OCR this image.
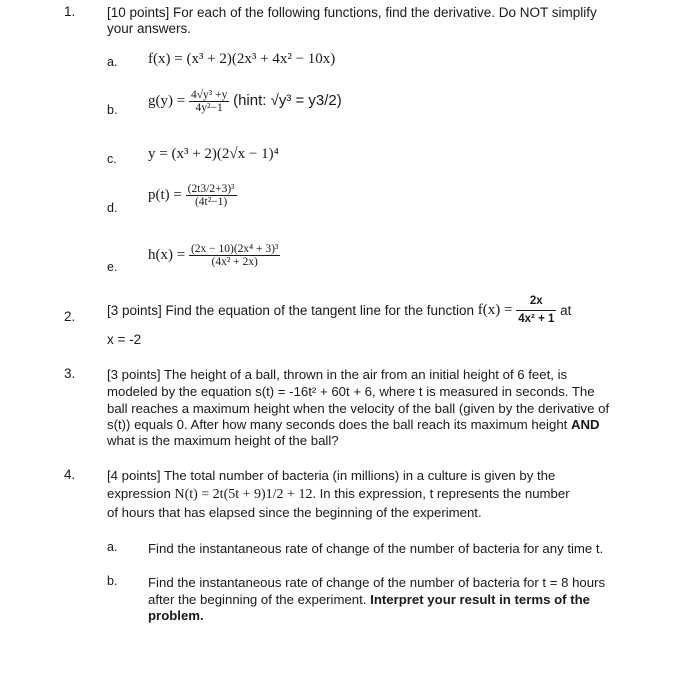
1. [10 points] For each of the following functions, find the derivative. Do NOT simplify
your answers.
a. f(x) = (x³ + 2)(2x³ + 4x² − 10x)
b.
$g(y) = \frac{\text{4√y³ +y}}{\text{4y²−1}}$ (hint: √y³ = y3/2)
c. y = (x³ + 2)(2√x − 1)⁴
d.
$p(t) = \frac{\text{(2t3/2+3)³}}{\text{(4t²−1)}}$
e.
$h(x) = \frac{\text{(2x − 10)(2x⁴ + 3)³}}{\text{(4x² + 2x)}}$
2. [3 points] Find the equation of the tangent line for the function $f(x) = \frac{2x}{\text{4x² + 1}}$ at
x = -2
3. [3 points] The height of a ball, thrown in the air from an initial height of 6 feet, is
modeled by the equation s(t) = -16t² + 60t + 6, where t is measured in seconds. The
ball reaches a maximum height when the velocity of the ball (given by the derivative of
s(t)) equals 0. After how many seconds does the ball reach its maximum height AND
what is the maximum height of the ball?
4. [4 points] The total number of bacteria (in millions) in a culture is given by the
expression N(t) = 2t(5t + 9)1/2 + 12. In this expression, t represents the number
of hours that has elapsed since the beginning of the experiment.
a. Find the instantaneous rate of change of the number of bacteria for any time t.
b. Find the instantaneous rate of change of the number of bacteria for t = 8 hours
after the beginning of the experiment. Interpret your result in terms of the
problem.
